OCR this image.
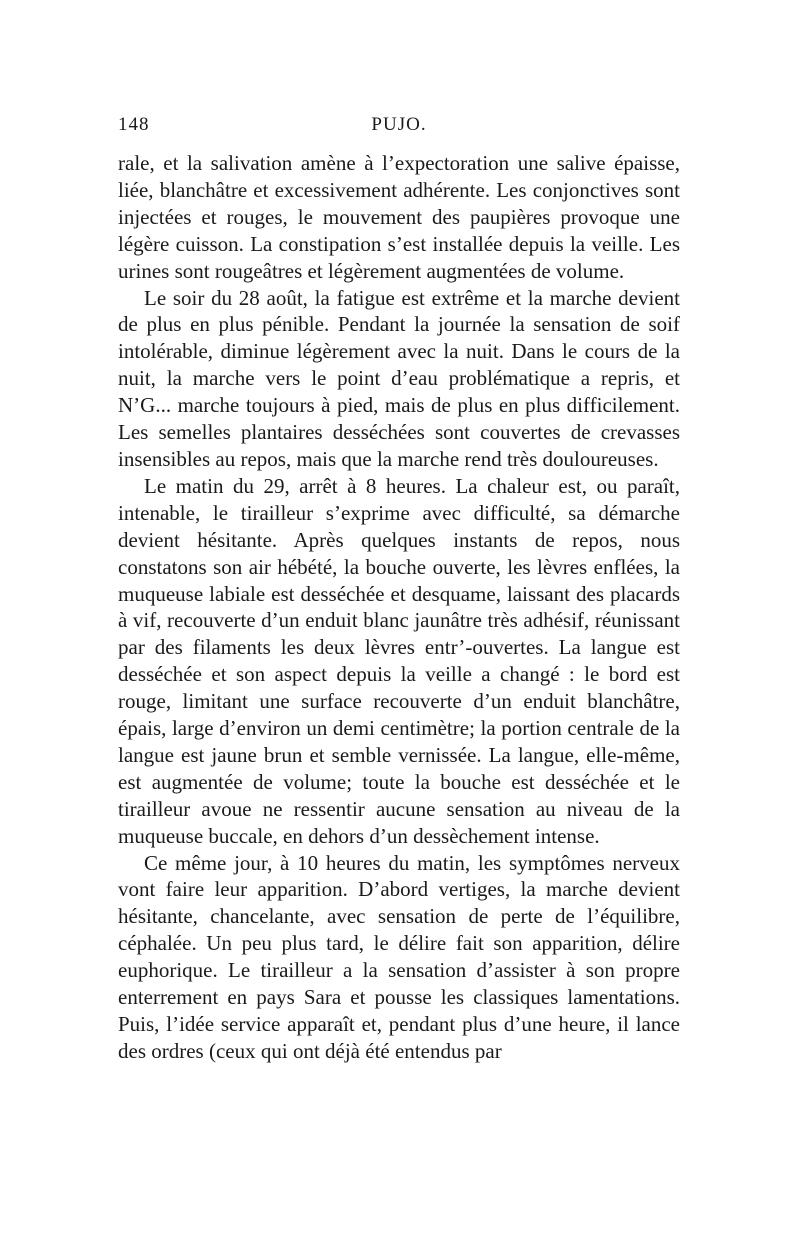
148	PUJO.

rale, et la salivation amène à l’expectoration une salive épaisse, liée, blanchâtre et excessivement adhérente. Les conjonctives sont injectées et rouges, le mouvement des paupières provoque une légère cuisson. La constipation s’est installée depuis la veille. Les urines sont rougeâtres et légèrement augmentées de volume.

Le soir du 28 août, la fatigue est extrême et la marche devient de plus en plus pénible. Pendant la journée la sensation de soif intolérable, diminue légèrement avec la nuit. Dans le cours de la nuit, la marche vers le point d’eau problématique a repris, et N’G... marche toujours à pied, mais de plus en plus difficilement. Les semelles plantaires desséchées sont couvertes de crevasses insensibles au repos, mais que la marche rend très douloureuses.

Le matin du 29, arrêt à 8 heures. La chaleur est, ou paraît, intenable, le tirailleur s’exprime avec difficulté, sa démarche devient hésitante. Après quelques instants de repos, nous constatons son air hébété, la bouche ouverte, les lèvres enflées, la muqueuse labiale est desséchée et desquame, laissant des placards à vif, recouverte d’un enduit blanc jaunâtre très adhésif, réunissant par des filaments les deux lèvres entr’-ouvertes. La langue est desséchée et son aspect depuis la veille a changé : le bord est rouge, limitant une surface recouverte d’un enduit blanchâtre, épais, large d’environ un demi centimètre; la portion centrale de la langue est jaune brun et semble vernissée. La langue, elle-même, est augmentée de volume; toute la bouche est desséchée et le tirailleur avoue ne ressentir aucune sensation au niveau de la muqueuse buccale, en dehors d’un dessèchement intense.

Ce même jour, à 10 heures du matin, les symptômes nerveux vont faire leur apparition. D’abord vertiges, la marche devient hésitante, chancelante, avec sensation de perte de l’équilibre, céphalée. Un peu plus tard, le délire fait son apparition, délire euphorique. Le tirailleur a la sensation d’assister à son propre enterrement en pays Sara et pousse les classiques lamentations. Puis, l’idée service apparaît et, pendant plus d’une heure, il lance des ordres (ceux qui ont déjà été entendus par
